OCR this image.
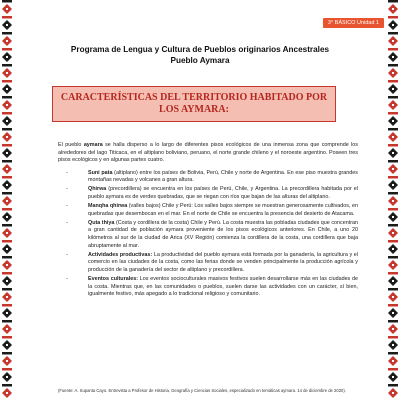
3° BÁSICO Unidad 1
Programa de Lengua y Cultura de Pueblos originarios Ancestrales
Pueblo Aymara
CARACTERÍSTICAS DEL TERRITORIO HABITADO POR LOS AYMARA:

El pueblo aymara se halla disperso a lo largo de diferentes pisos ecológicos de una inmensa zona que comprende los alrededores del lago Titicaca, en el altiplano boliviano, peruano, el norte grande chileno y el noroeste argentino. Poseen tres pisos ecológicos y en algunas partes cuatro.

-	Suni pata (altiplano) entre los países de Bolivia, Perú, Chile y norte de Argentina. En ese piso muestra grandes montañas nevadas y volcanes a gran altura.
-	Qhirwa (precordillera) se encuentra en los países de Perú, Chile, y Argentina. La precordillera habitada por el pueblo aymara es de verdes quebradas, que se riegan con ríos que bajan de las alturas del altiplano.
-	Manqha qhirwa (valles bajos) Chile y Perú: Los valles bajos siempre se muestran generosamente cultivados, en quebradas que desembocan en el mar. En el norte de Chile se encuentra la presencia del desierto de Atacama.
-	Quta thiya (Costa y cordillera de la costa) Chile y Perú. La costa muestra las pobladas ciudades que concentran a gran cantidad de población aymara proveniente de los pisos ecológicos anteriores. En Chile, a uno 20 kilómetros al sur de la ciudad de Arica (XV Región) comienza la cordillera de la costa, una cordillera que baja abruptamente al mar.
-	Actividades productivas: La productividad del pueblo aymara está formada por la ganadería, la agricultura y el comercio en las ciudades de la costa, como las ferias donde se venden principalmente la producción agrícola y producción de la ganadería del sector de altiplano y precordillera.
-	Eventos culturales: Los eventos socioculturales masivos festivos suelen desarrollarse más en las ciudades de la costa. Mientras que, en las comunidades o pueblos, suelen darse las actividades con un carácter, sí bien, igualmente festivo, más apegado a lo tradicional religioso y comunitario.
(Fuente: A. Supanta Cayo. Entrevista a Profesor de Historia, Geografía y Ciencias Sociales, especializado en temáticas aymara. 14 de diciembre de 2020).
